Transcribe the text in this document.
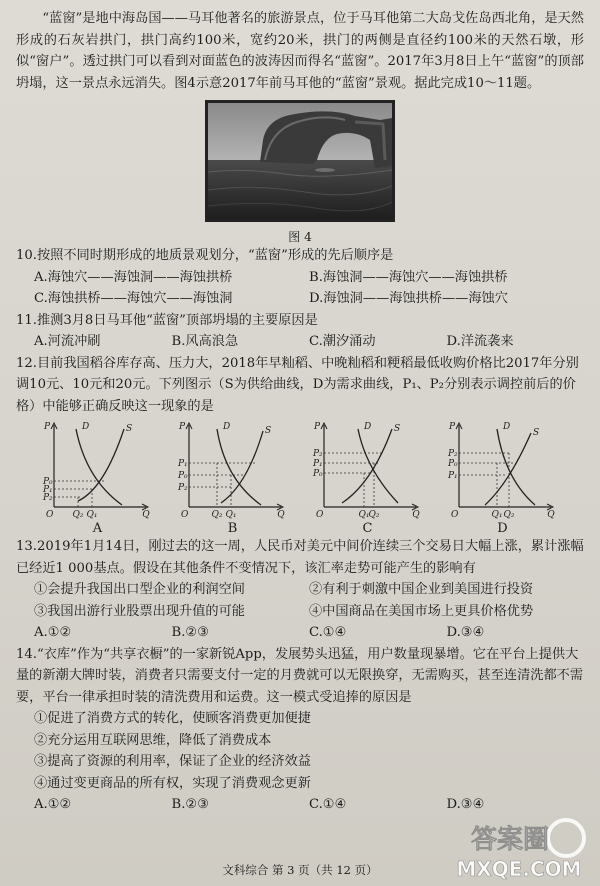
“蓝窗”是地中海岛国——马耳他著名的旅游景点，位于马耳他第二大岛戈佐岛西北角，是天然形成的石灰岩拱门，拱门高约100米，宽约20米，拱门的两侧是直径约100米的天然石墩，形似“窗户”。透过拱门可以看到对面蓝色的波涛因而得名“蓝窗”。2017年3月8日上午“蓝窗”的顶部坍塌，这一景点永远消失。图4示意2017年前马耳他的“蓝窗”景观。据此完成10～11题。

图 4

10.按照不同时期形成的地质景观划分，“蓝窗”形成的先后顺序是

A.海蚀穴——海蚀洞——海蚀拱桥	B.海蚀洞——海蚀穴——海蚀拱桥
C.海蚀拱桥——海蚀穴——海蚀洞	D.海蚀洞——海蚀拱桥——海蚀穴

11.推测3月8日马耳他“蓝窗”顶部坍塌的主要原因是

A.河流冲刷	B.风高浪急	C.潮汐涌动	D.洋流袭来

12.目前我国稻谷库存高、压力大，2018年早籼稻、中晚籼稻和粳稻最低收购价格比2017年分别调10元、10元和20元。下列图示（S为供给曲线，D为需求曲线，P₁、P₂分别表示调控前后的价格）中能够正确反映这一现象的是

P
Q
O
D	S
P₀
P₁
P₂
Q₂ Q₁
A
P
Q
O
D	S
P₁
P₀
P₂
Q₂ Q₁
B
P
Q
O
D	S
P₂
P₁
P₀
Q₁ Q₂
C
P
Q
O
D
S
P₂
P₀
P₁
Q₁ Q₂
D

13.2019年1月14日，刚过去的这一周，人民币对美元中间价连续三个交易日大幅上涨，累计涨幅已经近1 000基点。假设在其他条件不变情况下，该汇率走势可能产生的影响有

①会提升我国出口型企业的利润空间	②有利于刺激中国企业到美国进行投资
③我国出游行业股票出现升值的可能	④中国商品在美国市场上更具价格优势
A.①②	B.②③	C.①④	D.③④

14.“衣库”作为“共享衣橱”的一家新锐App，发展势头迅猛，用户数量现暴增。它在平台上提供大量的新潮大牌时装，消费者只需要支付一定的月费就可以无限换穿，无需购买，甚至连清洗都不需要，平台一律承担时装的清洗费用和运费。这一模式受追捧的原因是

①促进了消费方式的转化，使顾客消费更加便捷
②充分运用互联网思维，降低了消费成本
③提高了资源的利用率，保证了企业的经济效益
④通过变更商品的所有权，实现了消费观念更新
A.①②	B.②③	C.①④	D.③④
文科综合 第 3 页（共 12 页）
答案圈
MXQE.COM
